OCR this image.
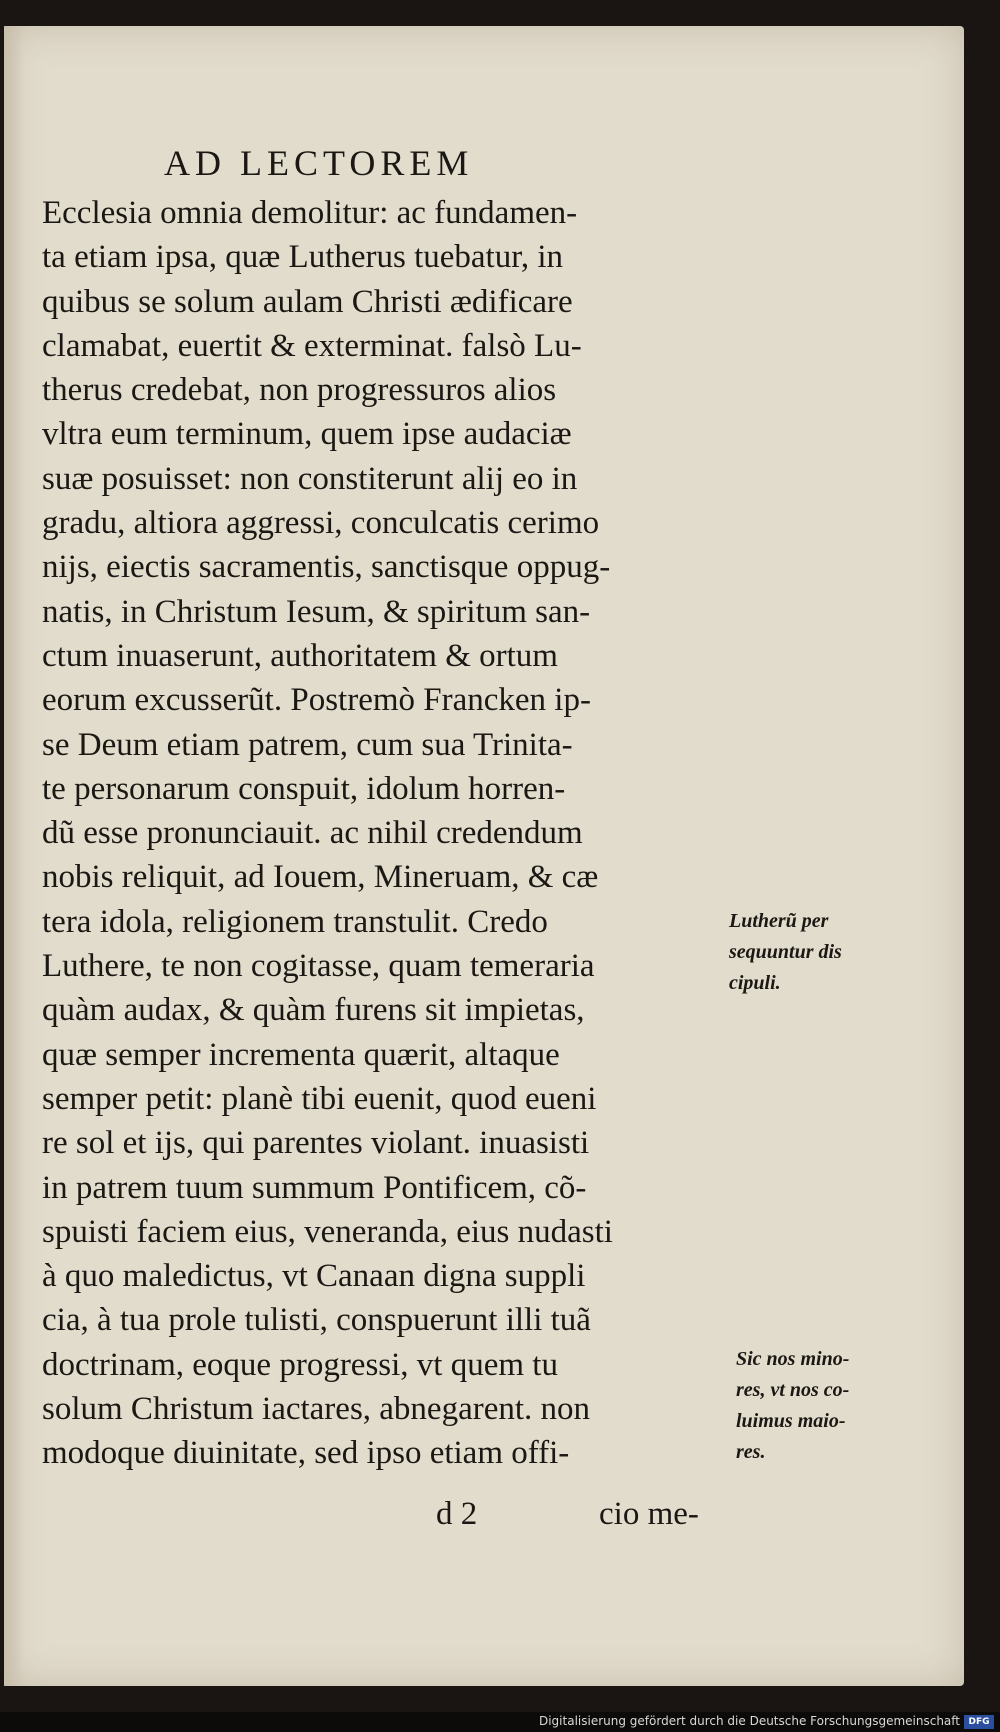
AD LECTOREM
Ecclesia omnia demolitur: ac fundamen-
ta etiam ipsa, quæ Lutherus tuebatur, in
quibus se solum aulam Christi ædificare
clamabat, euertit & exterminat. falsò Lu-
therus credebat, non progressuros alios
vltra eum terminum, quem ipse audaciæ
suæ posuisset: non constiterunt alij eo in
gradu, altiora aggressi, conculcatis cerimo
nijs, eiectis sacramentis, sanctisque oppug-
natis, in Christum Iesum, & spiritum san-
ctum inuaserunt, authoritatem & ortum
eorum excusserũt. Postremò Francken ip-
se Deum etiam patrem, cum sua Trinita-
te personarum conspuit, idolum horren-
dũ esse pronunciauit. ac nihil credendum
nobis reliquit, ad Iouem, Mineruam, & cæ
tera idola, religionem transtulit. Credo
Luthere, te non cogitasse, quam temeraria
quàm audax, & quàm furens sit impietas,
quæ semper incrementa quærit, altaque
semper petit: planè tibi euenit, quod eueni
re sol et ijs, qui parentes violant. inuasisti
in patrem tuum summum Pontificem, cõ-
spuisti faciem eius, veneranda, eius nudasti
à quo maledictus, vt Canaan digna suppli
cia, à tua prole tulisti, conspuerunt illi tuã
doctrinam, eoque progressi, vt quem tu
solum Christum iactares, abnegarent. non
modoque diuinitate, sed ipso etiam offi-
Lutherũ per
sequuntur dis
cipuli.
Sic nos mino-
res, vt nos co-
luimus maio-
res.
d 2	cio me-
Digitalisierung gefördert durch die Deutsche Forschungsgemeinschaft DFG
